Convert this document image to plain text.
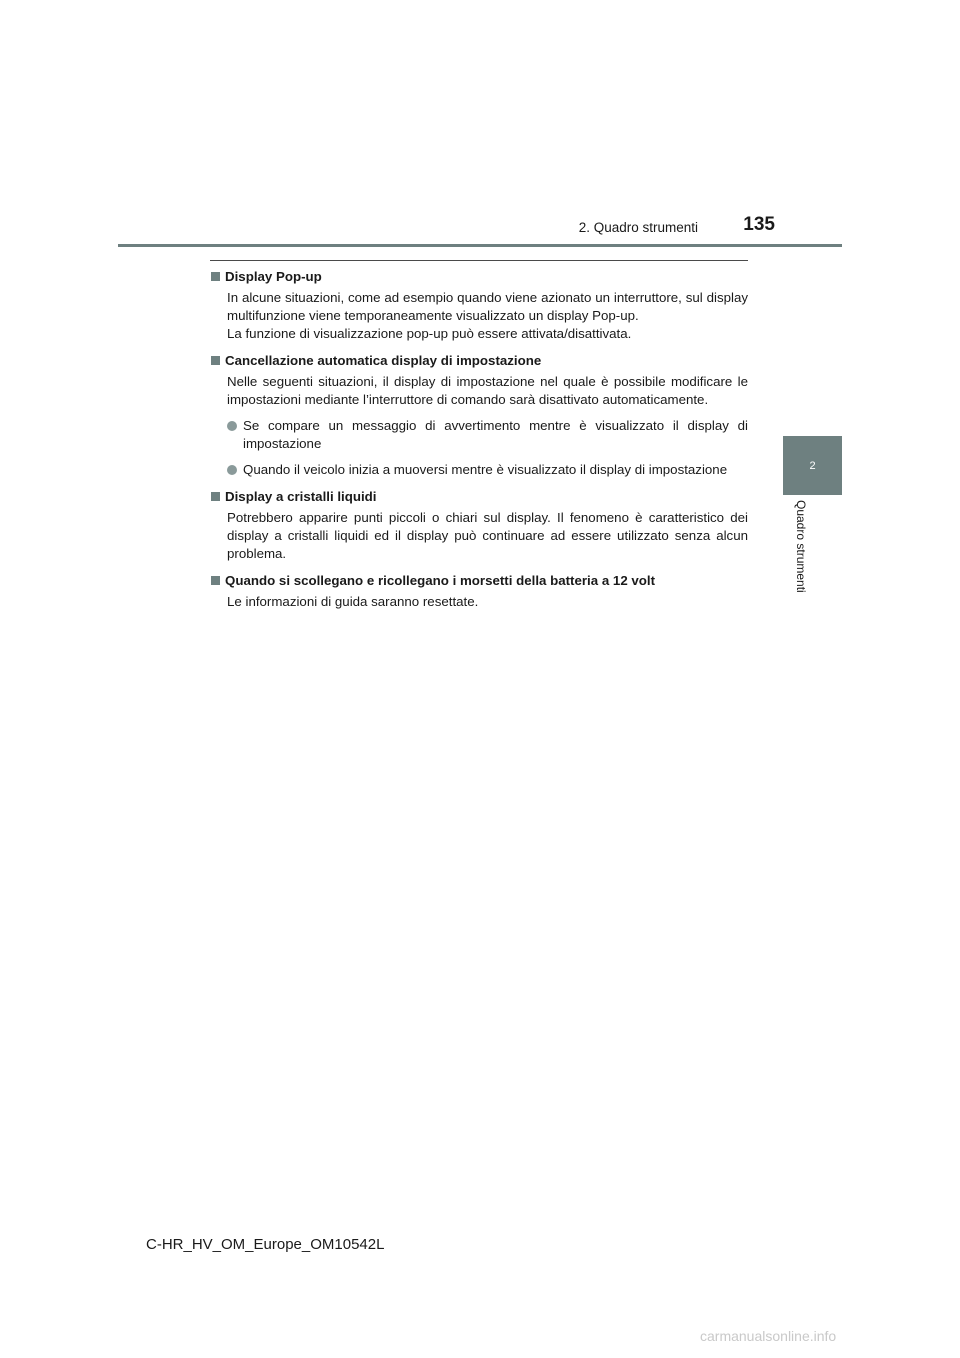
2. Quadro strumenti	135
2
Quadro strumenti
Display Pop-up
In alcune situazioni, come ad esempio quando viene azionato un interruttore, sul display multifunzione viene temporaneamente visualizzato un display Pop-up.
La funzione di visualizzazione pop-up può essere attivata/disattivata.
Cancellazione automatica display di impostazione
Nelle seguenti situazioni, il display di impostazione nel quale è possibile modificare le impostazioni mediante l’interruttore di comando sarà disattivato automaticamente.
Se compare un messaggio di avvertimento mentre è visualizzato il display di impostazione
Quando il veicolo inizia a muoversi mentre è visualizzato il display di impostazione
Display a cristalli liquidi
Potrebbero apparire punti piccoli o chiari sul display. Il fenomeno è caratteristico dei display a cristalli liquidi ed il display può continuare ad essere utilizzato senza alcun problema.
Quando si scollegano e ricollegano i morsetti della batteria a 12 volt
Le informazioni di guida saranno resettate.
C-HR_HV_OM_Europe_OM10542L
carmanualsonline.info
